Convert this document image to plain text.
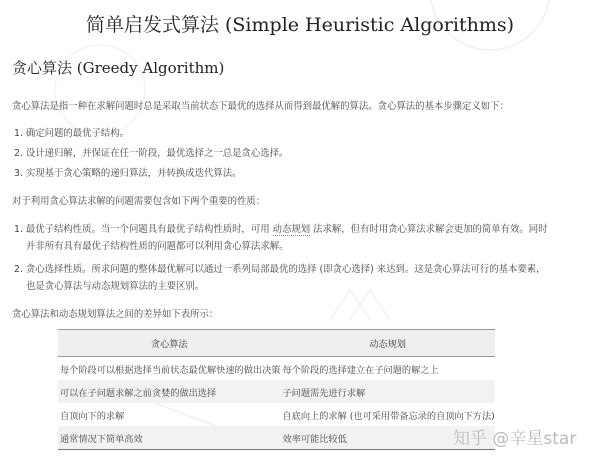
简单启发式算法 (Simple Heuristic Algorithms)
贪心算法 (Greedy Algorithm)
贪心算法是指一种在求解问题时总是采取当前状态下最优的选择从而得到最优解的算法。贪心算法的基本步骤定义如下：
1. 确定问题的最优子结构。
2. 设计递归解，并保证在任一阶段，最优选择之一总是贪心选择。
3. 实现基于贪心策略的递归算法，并转换成迭代算法。
对于利用贪心算法求解的问题需要包含如下两个重要的性质：
1. 最优子结构性质。当一个问题具有最优子结构性质时，可用 动态规划 法求解，但有时用贪心算法求解会更加的简单有效。同时
并非所有具有最优子结构性质的问题都可以利用贪心算法求解。
2. 贪心选择性质。所求问题的整体最优解可以通过一系列局部最优的选择 (即贪心选择) 来达到。这是贪心算法可行的基本要素，
也是贪心算法与动态规划算法的主要区别。
贪心算法和动态规划算法之间的差异如下表所示：
贪心算法	动态规划
每个阶段可以根据选择当前状态最优解快速的做出决策	每个阶段的选择建立在子问题的解之上
可以在子问题求解之前贪婪的做出选择	子问题需先进行求解
自顶向下的求解	自底向上的求解 (也可采用带备忘录的自顶向下方法)
通常情况下简单高效	效率可能比较低	知乎 @辛星star
